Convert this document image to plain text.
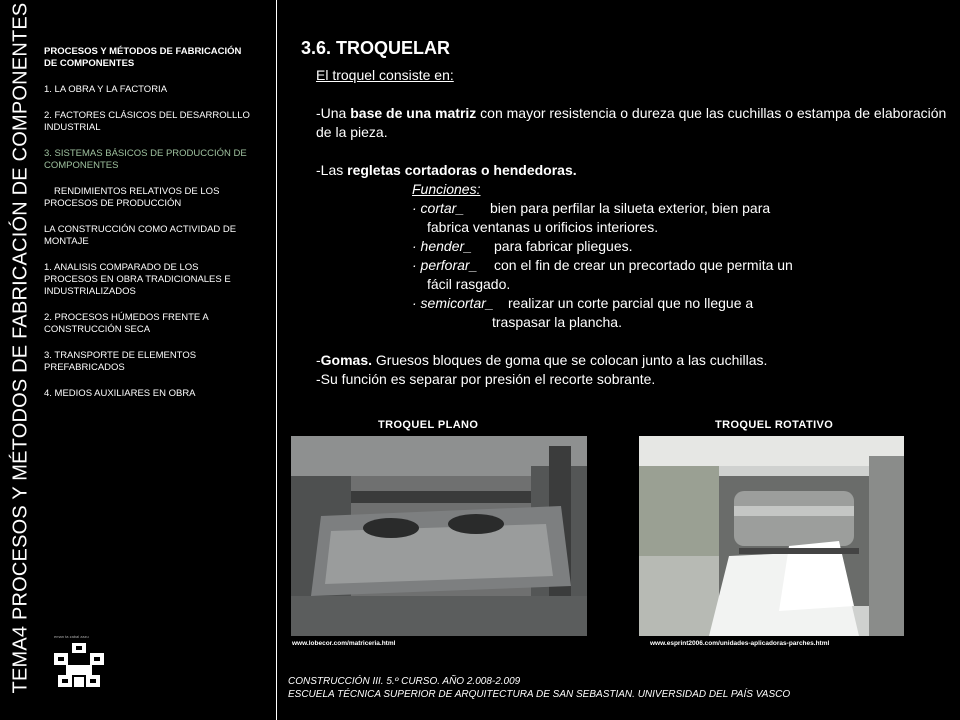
TEMA4 PROCESOS Y MÉTODOS DE FABRICACIÓN DE COMPONENTES PROCESOS Y MÉTODOS DE FABRICACIÓN DE COMPONENTES
1. LA OBRA Y LA FACTORIA
2. FACTORES CLÁSICOS DEL DESARROLLLO INDUSTRIAL
3. SISTEMAS BÁSICOS DE PRODUCCIÓN DE COMPONENTES
RENDIMIENTOS RELATIVOS DE LOS PROCESOS DE PRODUCCIÓN
LA CONSTRUCCIÓN COMO ACTIVIDAD DE MONTAJE
1. ANALISIS COMPARADO DE LOS PROCESOS EN OBRA TRADICIONALES E INDUSTRIALIZADOS
2. PROCESOS HÚMEDOS FRENTE A CONSTRUCCIÓN SECA
3. TRANSPORTE DE ELEMENTOS PREFABRICADOS
4. MEDIOS AUXILIARES EN OBRA
eman ta zabal zazu
3.6. TROQUELAR

El troquel consiste en:

-Una base de una matriz con mayor resistencia o dureza que las cuchillas o estampa de elaboración de la pieza.

-Las regletas cortadoras o hendedoras.

Funciones:

· cortar_ bien para perfilar la silueta exterior, bien para

fabrica ventanas u orificios interiores.

· hender_ para fabricar pliegues.

· perforar_ con el fin de crear un precortado que permita un

fácil rasgado.

· semicortar_ realizar un corte parcial que no llegue a

traspasar la plancha.

-Gomas. Gruesos bloques de goma que se colocan junto a las cuchillas.

-Su función es separar por presión el recorte sobrante.

TROQUEL PLANO	TROQUEL ROTATIVO
www.lobecor.com/matriceria.html	www.esprint2006.com/unidades-aplicadoras-parches.html
CONSTRUCCIÓN III. 5.º CURSO. AÑO 2.008-2.009
ESCUELA TÉCNICA SUPERIOR DE ARQUITECTURA DE SAN SEBASTIAN. UNIVERSIDAD DEL PAÍS VASCO
